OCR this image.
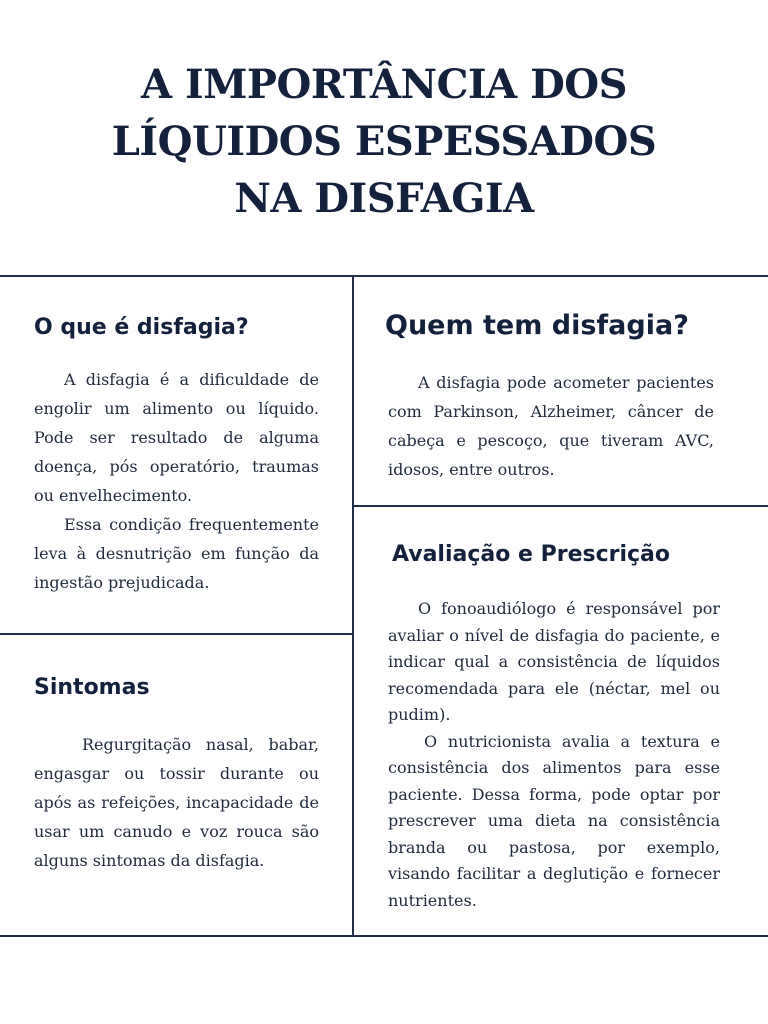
A IMPORTÂNCIA DOS
LÍQUIDOS ESPESSADOS
NA DISFAGIA
O que é disfagia?

A disfagia é a dificuldade de engolir um alimento ou líquido. Pode ser resultado de alguma doença, pós operatório, traumas ou envelhecimento.

Essa condição frequentemente leva à desnutrição em função da ingestão prejudicada.

Quem tem disfagia?

A disfagia pode acometer pacientes com Parkinson, Alzheimer, câncer de cabeça e pescoço, que tiveram AVC, idosos, entre outros.

Sintomas

Regurgitação nasal, babar, engasgar ou tossir durante ou após as refeições, incapacidade de usar um canudo e voz rouca são alguns sintomas da disfagia.

Avaliação e Prescrição

O fonoaudiólogo é responsável por avaliar o nível de disfagia do paciente, e indicar qual a consistência de líquidos recomendada para ele (néctar, mel ou pudim).

O nutricionista avalia a textura e consistência dos alimentos para esse paciente. Dessa forma, pode optar por prescrever uma dieta na consistência branda ou pastosa, por exemplo, visando facilitar a deglutição e fornecer nutrientes.
